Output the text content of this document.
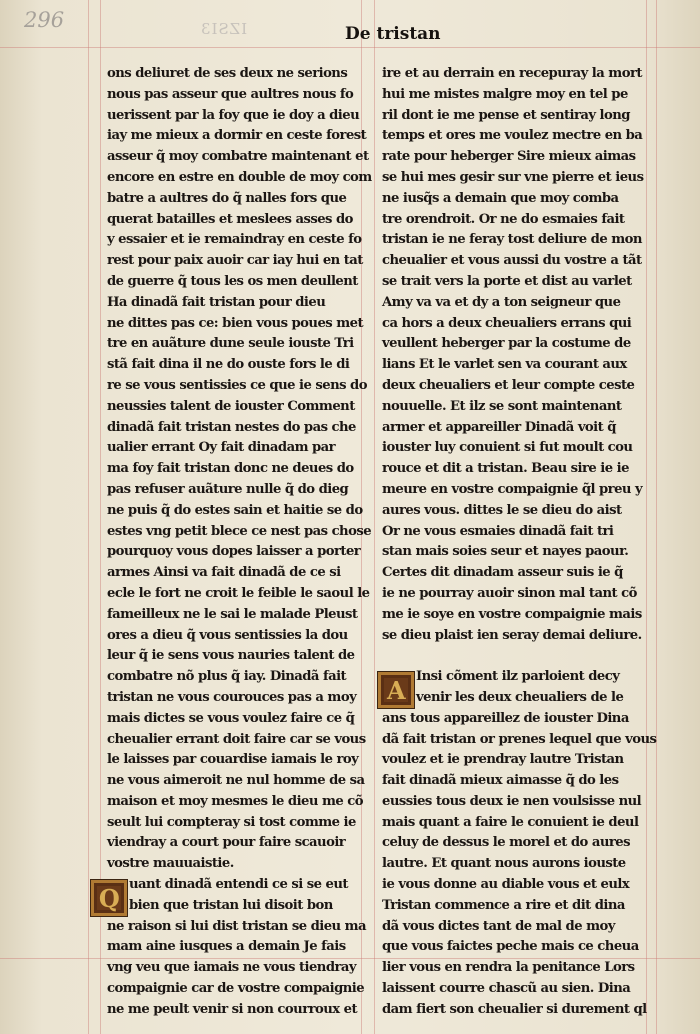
296	IZSI3	De tristan
ons deliuret de ses deux ne serions
nous pas asseur que aultres nous fo
uerissent par la foy que ie doy a dieu
iay me mieux a dormir en ceste forest
asseur q̃ moy combatre maintenant et
encore en estre en double de moy com
batre a aultres do q̃ nalles fors que
querat batailles et meslees asses do
y essaier et ie remaindray en ceste fo
rest pour paix auoir car iay hui en tat
de guerre q̃ tous les os men deullent
Ha dinadã fait tristan pour dieu
ne dittes pas ce: bien vous poues met
tre en auãture dune seule iouste Tri
stã fait dina il ne do ouste fors le di
re se vous sentissies ce que ie sens do
neussies talent de iouster Comment
dinadã fait tristan nestes do pas che
ualier errant Oy fait dinadam par
ma foy fait tristan donc ne deues do
pas refuser auãture nulle q̃ do dieg
ne puis q̃ do estes sain et haitie se do
estes vng petit blece ce nest pas chose
pourquoy vous dopes laisser a porter
armes Ainsi va fait dinadã de ce si
ecle le fort ne croit le feible le saoul le
fameilleux ne le sai le malade Pleust
ores a dieu q̃ vous sentissies la dou
leur q̃ ie sens vous nauries talent de
combatre nõ plus q̃ iay. Dinadã fait
tristan ne vous courouces pas a moy
mais dictes se vous voulez faire ce q̃
cheualier errant doit faire car se vous
le laisses par couardise iamais le roy
ne vous aimeroit ne nul homme de sa
maison et moy mesmes le dieu me cõ
seult lui compteray si tost comme ie
viendray a court pour faire scauoir
vostre mauuaistie.
Q uant dinadã entendi ce si se eut
bien que tristan lui disoit bon
ne raison si lui dist tristan se dieu ma
mam aine iusques a demain Je fais
vng veu que iamais ne vous tiendray
compaignie car de vostre compaignie
ne me peult venir si non courroux et
ire et au derrain en recepuray la mort
hui me mistes malgre moy en tel pe
ril dont ie me pense et sentiray long
temps et ores me voulez mectre en ba
rate pour heberger Sire mieux aimas
se hui mes gesir sur vne pierre et ieus
ne iusq̃s a demain que moy comba
tre orendroit. Or ne do esmaies fait
tristan ie ne feray tost deliure de mon
cheualier et vous aussi du vostre a tãt
se trait vers la porte et dist au varlet
Amy va va et dy a ton seigneur que
ca hors a deux cheualiers errans qui
veullent heberger par la costume de
lians Et le varlet sen va courant aux
deux cheualiers et leur compte ceste
nouuelle. Et ilz se sont maintenant
armer et appareiller Dinadã voit q̃
iouster luy conuient si fut moult cou
rouce et dit a tristan. Beau sire ie ie
meure en vostre compaignie q̃l preu y
aures vous. dittes le se dieu do aist
Or ne vous esmaies dinadã fait tri
stan mais soies seur et nayes paour.
Certes dit dinadam asseur suis ie q̃
ie ne pourray auoir sinon mal tant cõ
me ie soye en vostre compaignie mais
se dieu plaist ien seray demai deliure.
A Insi cõment ilz parloient decy
venir les deux cheualiers de le
ans tous appareillez de iouster Dina
dã fait tristan or prenes lequel que vous
voulez et ie prendray lautre Tristan
fait dinadã mieux aimasse q̃ do les
eussies tous deux ie nen voulsisse nul
mais quant a faire le conuient ie deul
celuy de dessus le morel et do aures
lautre. Et quant nous aurons iouste
ie vous donne au diable vous et eulx
Tristan commence a rire et dit dina
dã vous dictes tant de mal de moy
que vous faictes peche mais ce cheua
lier vous en rendra la penitance Lors
laissent courre chascũ au sien. Dina
dam fiert son cheualier si durement ql
